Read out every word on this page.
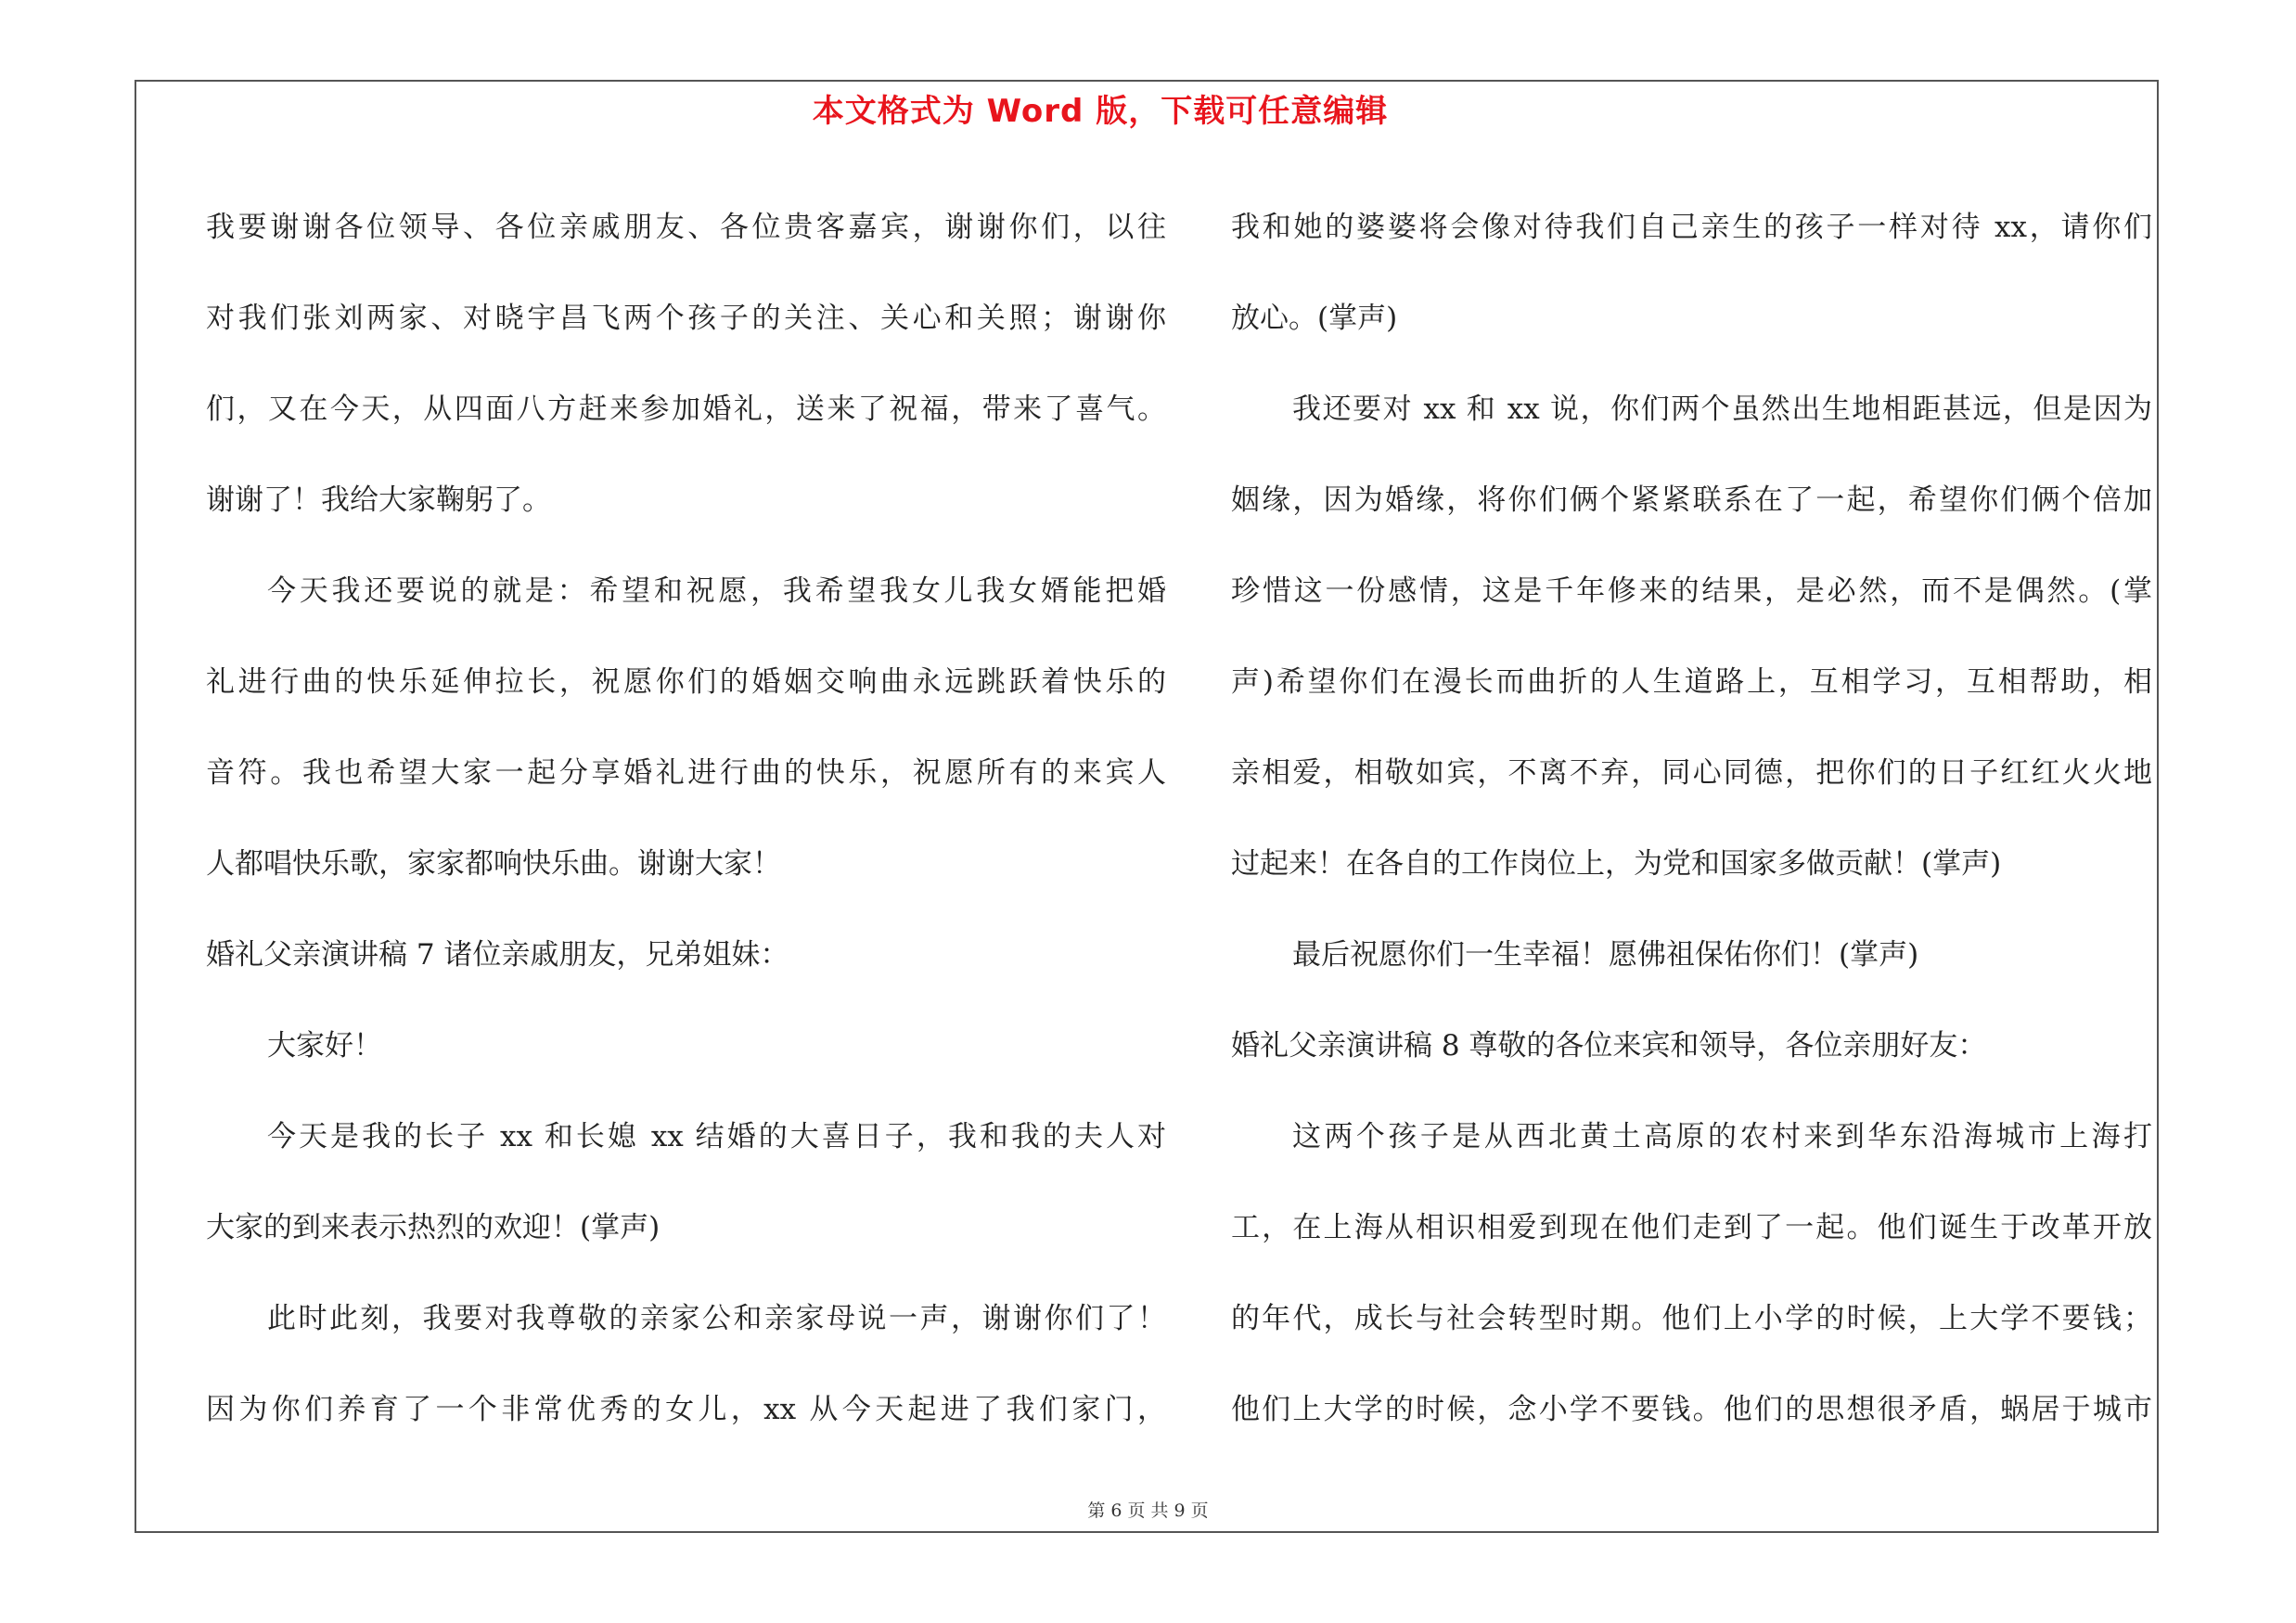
本文格式为 Word 版，下载可任意编辑
我要谢谢各位领导、各位亲戚朋友、各位贵客嘉宾，谢谢你们，以往
对我们张刘两家、对晓宇昌飞两个孩子的关注、关心和关照；谢谢你
们，又在今天，从四面八方赶来参加婚礼，送来了祝福，带来了喜气。
谢谢了！我给大家鞠躬了。
今天我还要说的就是：希望和祝愿，我希望我女儿我女婿能把婚
礼进行曲的快乐延伸拉长，祝愿你们的婚姻交响曲永远跳跃着快乐的
音符。我也希望大家一起分享婚礼进行曲的快乐，祝愿所有的来宾人
人都唱快乐歌，家家都响快乐曲。谢谢大家！
婚礼父亲演讲稿 7 诸位亲戚朋友，兄弟姐妹：
大家好！
今天是我的长子 xx 和长媳 xx 结婚的大喜日子，我和我的夫人对
大家的到来表示热烈的欢迎！(掌声)
此时此刻，我要对我尊敬的亲家公和亲家母说一声，谢谢你们了！
因为你们养育了一个非常优秀的女儿，xx 从今天起进了我们家门，
我和她的婆婆将会像对待我们自己亲生的孩子一样对待 xx，请你们
放心。(掌声)
我还要对 xx 和 xx 说，你们两个虽然出生地相距甚远，但是因为
姻缘，因为婚缘，将你们俩个紧紧联系在了一起，希望你们俩个倍加
珍惜这一份感情，这是千年修来的结果，是必然，而不是偶然。(掌
声)希望你们在漫长而曲折的人生道路上，互相学习，互相帮助，相
亲相爱，相敬如宾，不离不弃，同心同德，把你们的日子红红火火地
过起来！在各自的工作岗位上，为党和国家多做贡献！(掌声)
最后祝愿你们一生幸福！愿佛祖保佑你们！(掌声)
婚礼父亲演讲稿 8 尊敬的各位来宾和领导，各位亲朋好友：
这两个孩子是从西北黄土高原的农村来到华东沿海城市上海打
工，在上海从相识相爱到现在他们走到了一起。他们诞生于改革开放
的年代，成长与社会转型时期。他们上小学的时候，上大学不要钱；
他们上大学的时候，念小学不要钱。他们的思想很矛盾，蜗居于城市
第 6 页 共 9 页
